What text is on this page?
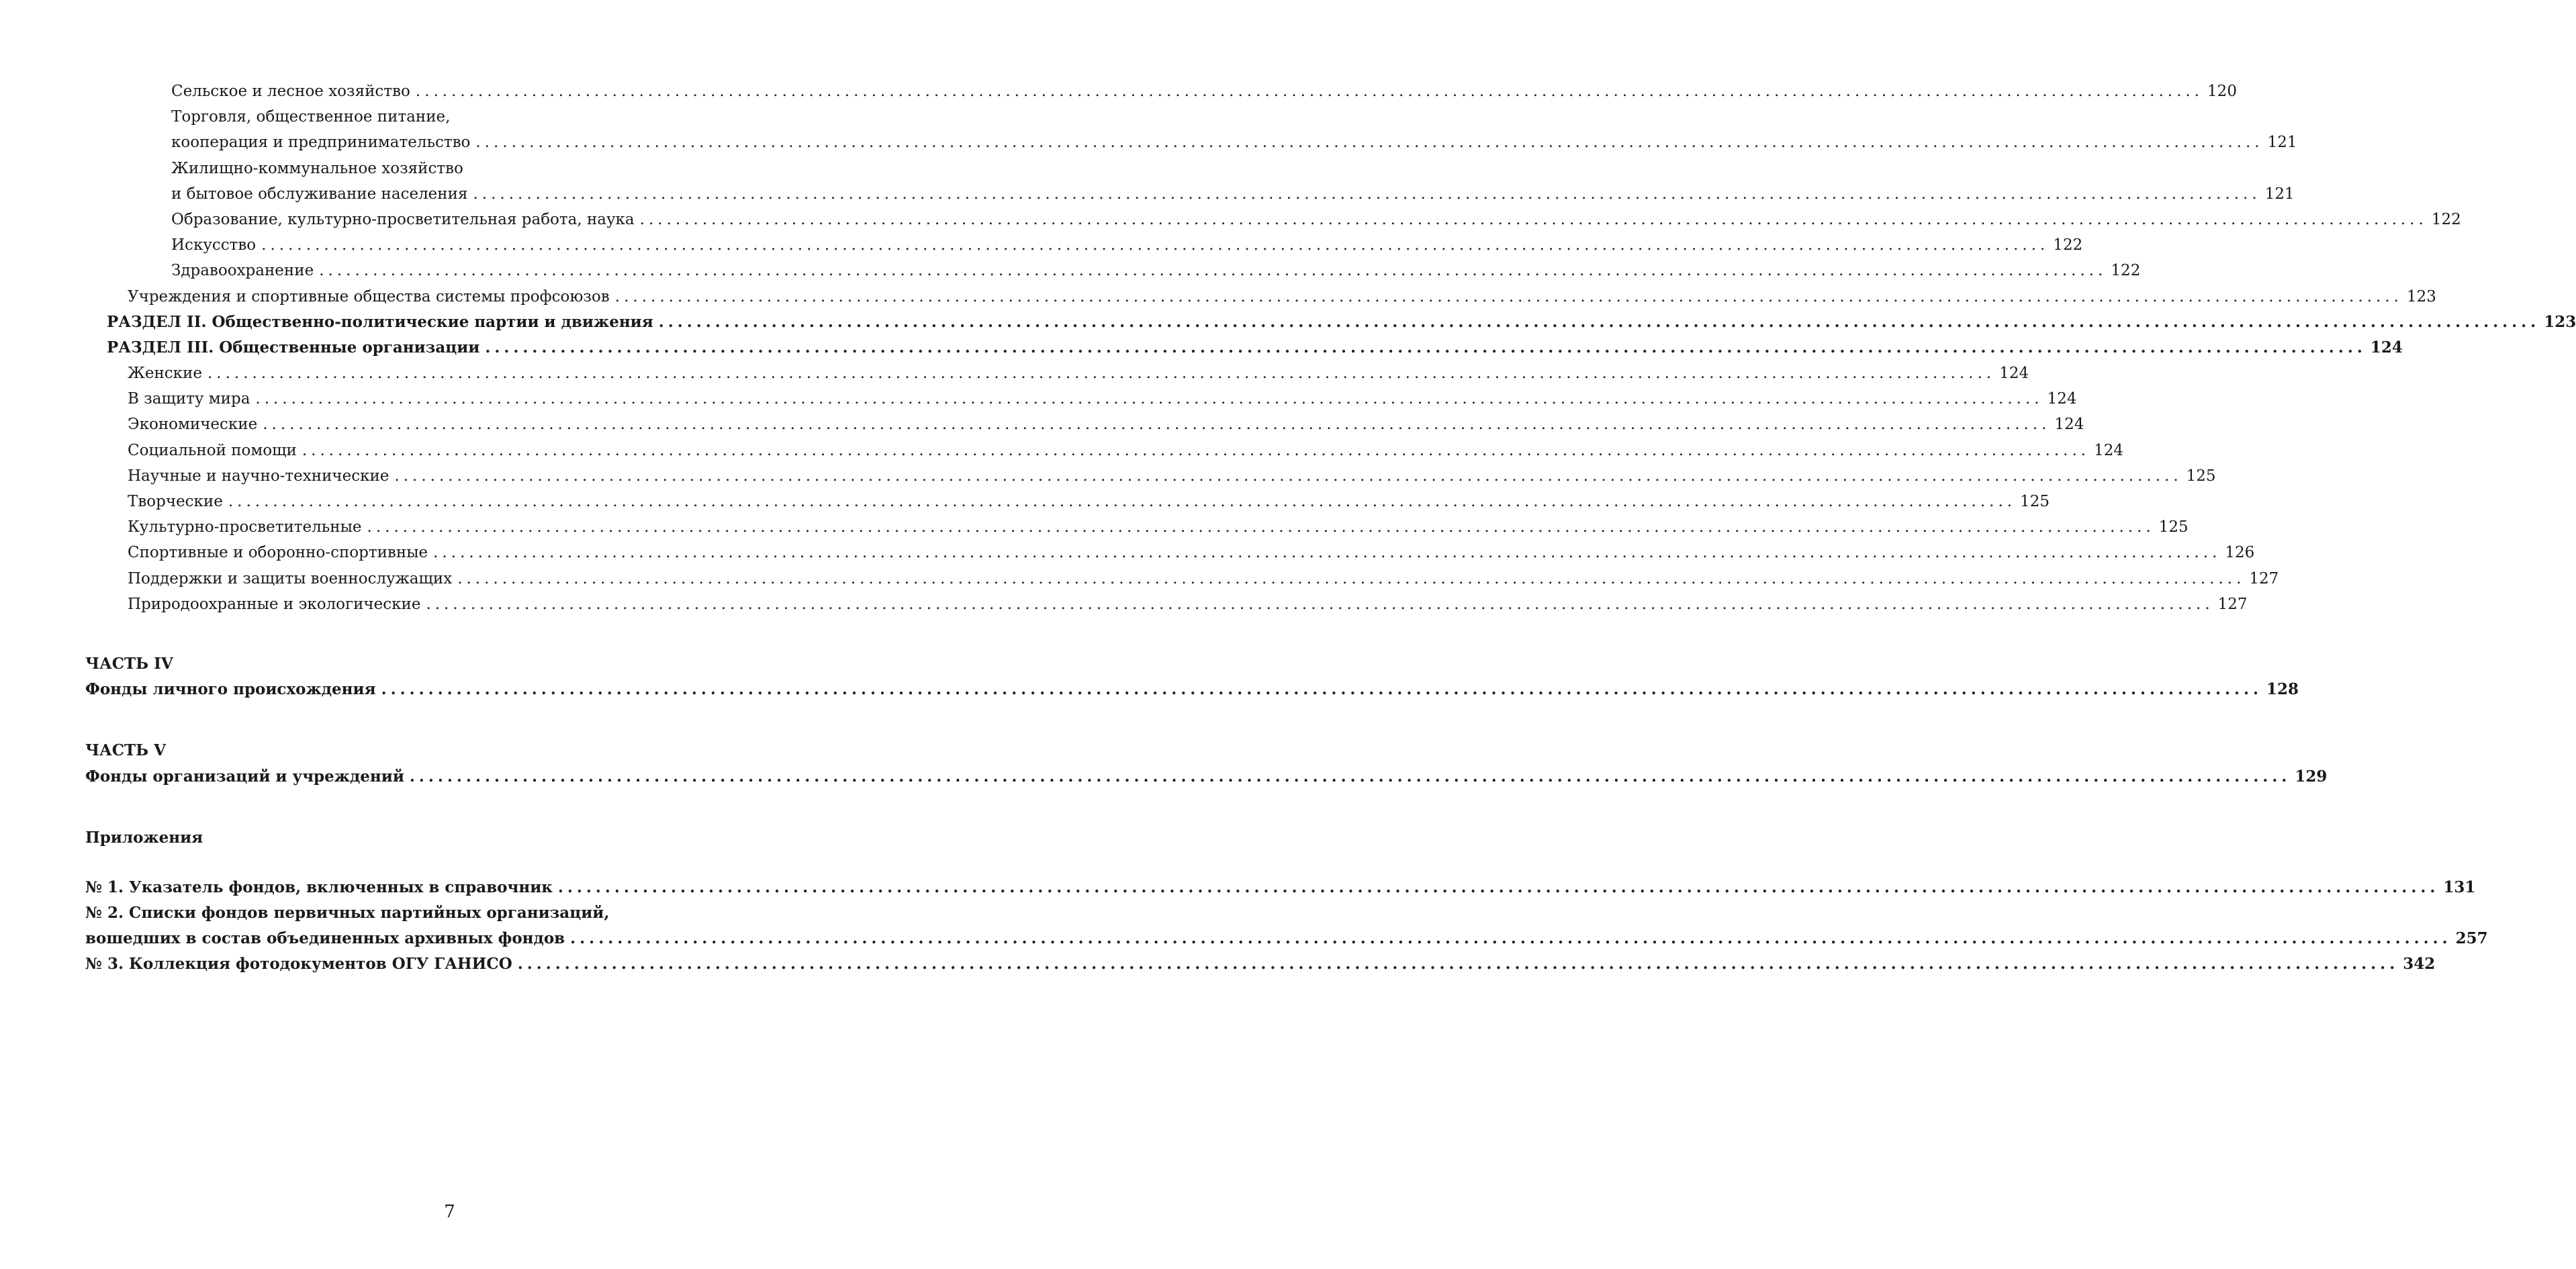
Сельское и лесное хозяйство ........................................................................................................................................................................................................ 120
Торговля, общественное питание,
кооперация и предпринимательство ........................................................................................................................................................................................................ 121
Жилищно-коммунальное хозяйство
и бытовое обслуживание населения ........................................................................................................................................................................................................ 121
Образование, культурно-просветительная работа, наука ........................................................................................................................................................................................................ 122
Искусство ........................................................................................................................................................................................................ 122
Здравоохранение ........................................................................................................................................................................................................ 122
Учреждения и спортивные общества системы профсоюзов ........................................................................................................................................................................................................ 123
РАЗДЕЛ II. Общественно-политические партии и движения ........................................................................................................................................................................................................ 123
РАЗДЕЛ III. Общественные организации ........................................................................................................................................................................................................ 124
Женские ........................................................................................................................................................................................................ 124
В защиту мира ........................................................................................................................................................................................................ 124
Экономические ........................................................................................................................................................................................................ 124
Социальной помощи ........................................................................................................................................................................................................ 124
Научные и научно-технические ........................................................................................................................................................................................................ 125
Творческие ........................................................................................................................................................................................................ 125
Культурно-просветительные ........................................................................................................................................................................................................ 125
Спортивные и оборонно-спортивные ........................................................................................................................................................................................................ 126
Поддержки и защиты военнослужащих ........................................................................................................................................................................................................ 127
Природоохранные и экологические ........................................................................................................................................................................................................ 127
ЧАСТЬ IV
Фонды личного происхождения ........................................................................................................................................................................................................ 128
ЧАСТЬ V
Фонды организаций и учреждений ........................................................................................................................................................................................................ 129
Приложения
№ 1. Указатель фондов, включенных в справочник ........................................................................................................................................................................................................ 131
№ 2. Списки фондов первичных партийных организаций,
вошедших в состав объединенных архивных фондов ........................................................................................................................................................................................................ 257
№ 3. Коллекция фотодокументов ОГУ ГАНИСО ........................................................................................................................................................................................................ 342
7
